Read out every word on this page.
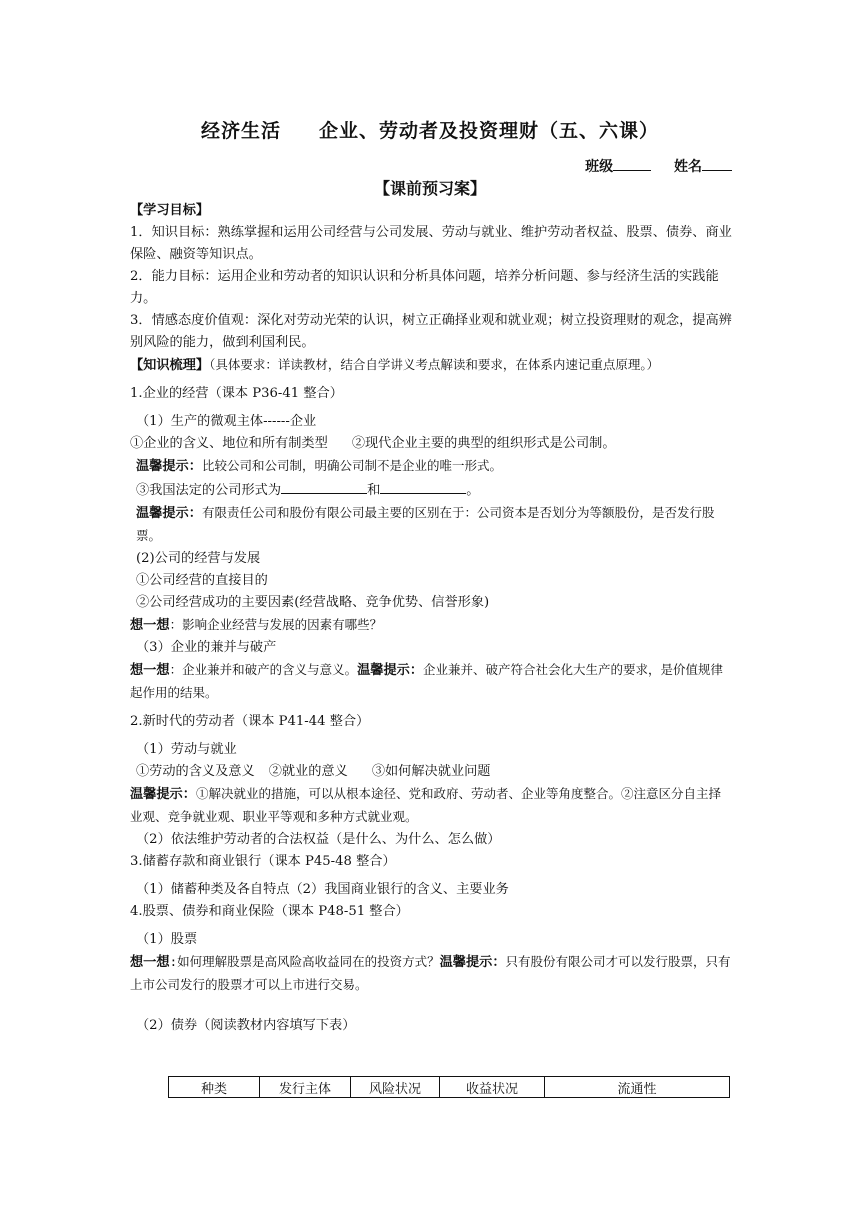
经济生活     企业、劳动者及投资理财（五、六课）
班级	姓名
【课前预习案】

【学习目标】

1．知识目标：熟练掌握和运用公司经营与公司发展、劳动与就业、维护劳动者权益、股票、债券、商业保险、融资等知识点。

2．能力目标：运用企业和劳动者的知识认识和分析具体问题，培养分析问题、参与经济生活的实践能力。

3．情感态度价值观：深化对劳动光荣的认识，树立正确择业观和就业观；树立投资理财的观念，提高辨别风险的能力，做到利国利民。

【知识梳理】（具体要求：详读教材，结合自学讲义考点解读和要求，在体系内速记重点原理。）

1.企业的经营（课本 P36-41 整合）

（1）生产的微观主体------企业

①企业的含义、地位和所有制类型 ②现代企业主要的典型的组织形式是公司制。

温馨提示：比较公司和公司制，明确公司制不是企业的唯一形式。

③我国法定的公司形式为	和	。

温馨提示：有限责任公司和股份有限公司最主要的区别在于：公司资本是否划分为等额股份，是否发行股票。

(2)公司的经营与发展

①公司经营的直接目的

②公司经营成功的主要因素(经营战略、竞争优势、信誉形象)

想一想：影响企业经营与发展的因素有哪些？

（3）企业的兼并与破产

想一想：企业兼并和破产的含义与意义。温馨提示：企业兼并、破产符合社会化大生产的要求，是价值规律起作用的结果。

2.新时代的劳动者（课本 P41-44 整合）

（1）劳动与就业

①劳动的含义及意义 ②就业的意义 ③如何解决就业问题

温馨提示：①解决就业的措施，可以从根本途径、党和政府、劳动者、企业等角度整合。②注意区分自主择业观、竞争就业观、职业平等观和多种方式就业观。

（2）依法维护劳动者的合法权益（是什么、为什么、怎么做）

3.储蓄存款和商业银行（课本 P45-48 整合）

（1）储蓄种类及各自特点（2）我国商业银行的含义、主要业务

4.股票、债券和商业保险（课本 P48-51 整合）

（1）股票

想一想:如何理解股票是高风险高收益同在的投资方式？温馨提示：只有股份有限公司才可以发行股票，只有上市公司发行的股票才可以上市进行交易。

（2）债券（阅读教材内容填写下表）

种类	发行主体	风险状况	收益状况	流通性
